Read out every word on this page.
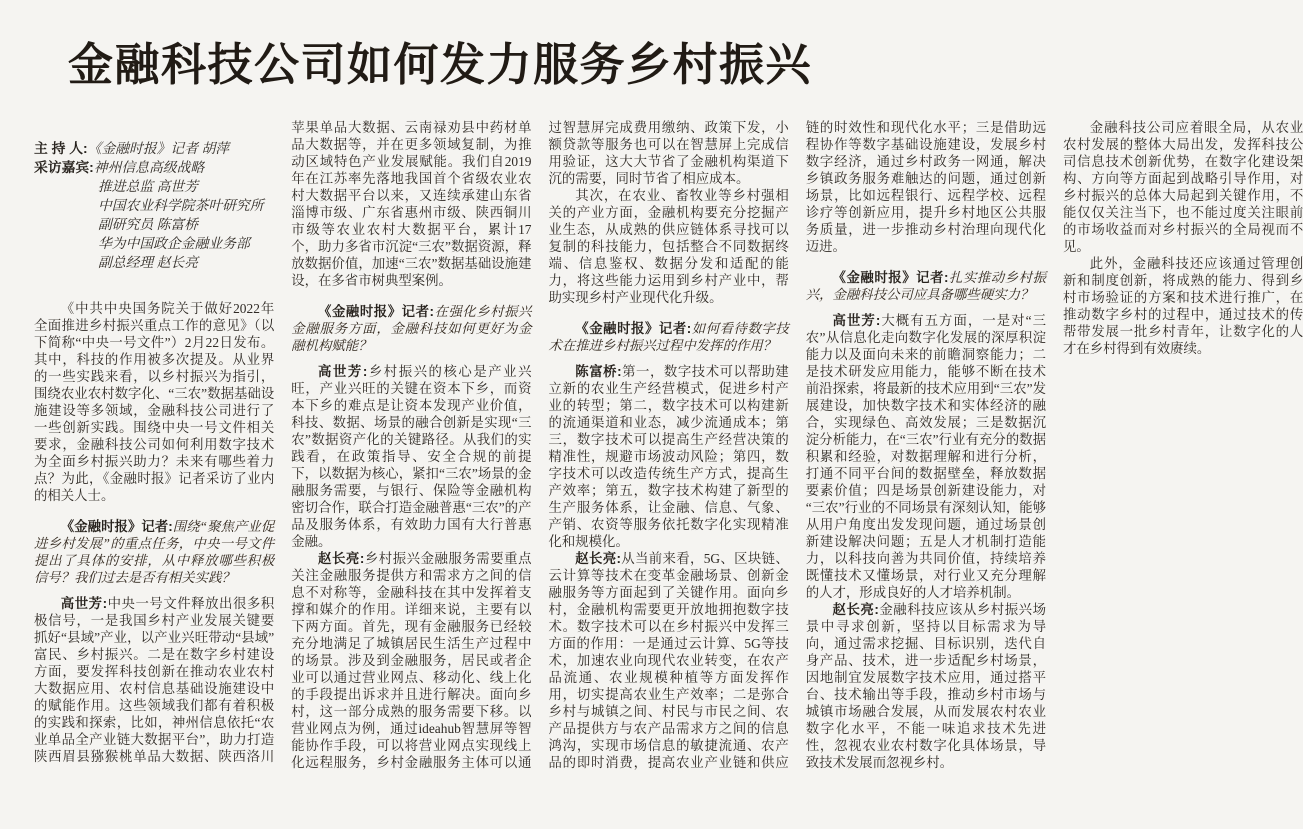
金融科技公司如何发力服务乡村振兴
主 持 人: 《金融时报》记者 胡萍
采访嘉宾: 神州信息高级战略
推进总监 高世芳
中国农业科学院茶叶研究所
副研究员 陈富桥
华为中国政企金融业务部
副总经理 赵长亮

《中共中央国务院关于做好2022年全面推进乡村振兴重点工作的意见》（以下简称“中央一号文件”）2月22日发布。其中，科技的作用被多次提及。从业界的一些实践来看，以乡村振兴为指引，围绕农业农村数字化、“三农”数据基础设施建设等多领域，金融科技公司进行了一些创新实践。围绕中央一号文件相关要求，金融科技公司如何利用数字技术为全面乡村振兴助力？未来有哪些着力点？为此，《金融时报》记者采访了业内的相关人士。

《金融时报》记者:围绕“聚焦产业促进乡村发展”的重点任务，中央一号文件提出了具体的安排，从中释放哪些积极信号？我们过去是否有相关实践？

高世芳:中央一号文件释放出很多积极信号，一是我国乡村产业发展关键要抓好“县域”产业，以产业兴旺带动“县域”富民、乡村振兴。二是在数字乡村建设方面，要发挥科技创新在推动农业农村大数据应用、农村信息基础设施建设中的赋能作用。这些领域我们都有着积极的实践和探索，比如，神州信息依托“农业单品全产业链大数据平台”，助力打造陕西眉县猕猴桃单品大数据、陕西洛川苹果单品大数据、云南禄劝县中药材单品大数据等，并在更多领域复制，为推动区域特色产业发展赋能。我们自2019年在江苏率先落地我国首个省级农业农村大数据平台以来，又连续承建山东省淄博市级、广东省惠州市级、陕西铜川市级等农业农村大数据平台，累计17个，助力多省市沉淀“三农”数据资源，释放数据价值，加速“三农”数据基础设施建设，在多省市树典型案例。

《金融时报》记者:在强化乡村振兴金融服务方面，金融科技如何更好为金融机构赋能？

高世芳:乡村振兴的核心是产业兴旺，产业兴旺的关键在资本下乡，而资本下乡的难点是让资本发现产业价值，科技、数据、场景的融合创新是实现“三农”数据资产化的关键路径。从我们的实践看，在政策指导、安全合规的前提下，以数据为核心，紧扣“三农”场景的金融服务需要，与银行、保险等金融机构密切合作，联合打造金融普惠“三农”的产品及服务体系，有效助力国有大行普惠金融。

赵长亮:乡村振兴金融服务需要重点关注金融服务提供方和需求方之间的信息不对称等，金融科技在其中发挥着支撑和媒介的作用。详细来说，主要有以下两方面。首先，现有金融服务已经较充分地满足了城镇居民生活生产过程中的场景。涉及到金融服务，居民或者企业可以通过营业网点、移动化、线上化的手段提出诉求并且进行解决。面向乡村，这一部分成熟的服务需要下移。以营业网点为例，通过ideahub智慧屏等智能协作手段，可以将营业网点实现线上化远程服务，乡村金融服务主体可以通过智慧屏完成费用缴纳、政策下发，小额贷款等服务也可以在智慧屏上完成信用验证，这大大节省了金融机构渠道下沉的需要，同时节省了相应成本。

其次，在农业、畜牧业等乡村强相关的产业方面，金融机构要充分挖掘产业生态，从成熟的供应链体系寻找可以复制的科技能力，包括整合不同数据终端、信息鉴权、数据分发和适配的能力，将这些能力运用到乡村产业中，帮助实现乡村产业现代化升级。

《金融时报》记者:如何看待数字技术在推进乡村振兴过程中发挥的作用？

陈富桥:第一，数字技术可以帮助建立新的农业生产经营模式，促进乡村产业的转型；第二，数字技术可以构建新的流通渠道和业态，减少流通成本；第三，数字技术可以提高生产经营决策的精准性，规避市场波动风险；第四，数字技术可以改造传统生产方式，提高生产效率；第五，数字技术构建了新型的生产服务体系，让金融、信息、气象、产销、农资等服务依托数字化实现精准化和规模化。

赵长亮:从当前来看，5G、区块链、云计算等技术在变革金融场景、创新金融服务等方面起到了关键作用。面向乡村，金融机构需要更开放地拥抱数字技术。数字技术可以在乡村振兴中发挥三方面的作用：一是通过云计算、5G等技术，加速农业向现代农业转变，在农产品流通、农业规模种植等方面发挥作用，切实提高农业生产效率；二是弥合乡村与城镇之间、村民与市民之间、农产品提供方与农产品需求方之间的信息鸿沟，实现市场信息的敏捷流通、农产品的即时消费，提高农业产业链和供应链的时效性和现代化水平；三是借助远程协作等数字基础设施建设，发展乡村数字经济，通过乡村政务一网通，解决乡镇政务服务难触达的问题，通过创新场景，比如远程银行、远程学校、远程诊疗等创新应用，提升乡村地区公共服务质量，进一步推动乡村治理向现代化迈进。

《金融时报》记者:扎实推动乡村振兴，金融科技公司应具备哪些硬实力？

高世芳:大概有五方面，一是对“三农”从信息化走向数字化发展的深厚积淀能力以及面向未来的前瞻洞察能力；二是技术研发应用能力，能够不断在技术前沿探索，将最新的技术应用到“三农”发展建设，加快数字技术和实体经济的融合，实现绿色、高效发展；三是数据沉淀分析能力，在“三农”行业有充分的数据积累和经验，对数据理解和进行分析，打通不同平台间的数据壁垒，释放数据要素价值；四是场景创新建设能力，对“三农”行业的不同场景有深刻认知，能够从用户角度出发发现问题，通过场景创新建设解决问题；五是人才机制打造能力，以科技向善为共同价值，持续培养既懂技术又懂场景，对行业又充分理解的人才，形成良好的人才培养机制。

赵长亮:金融科技应该从乡村振兴场景中寻求创新，坚持以目标需求为导向，通过需求挖掘、目标识别，迭代自身产品、技术，进一步适配乡村场景，因地制宜发展数字技术应用，通过搭平台、技术输出等手段，推动乡村市场与城镇市场融合发展，从而发展农村农业数字化水平，不能一味追求技术先进性，忽视农业农村数字化具体场景，导致技术发展而忽视乡村。

金融科技公司应着眼全局，从农业农村发展的整体大局出发，发挥科技公司信息技术创新优势，在数字化建设架构、方向等方面起到战略引导作用，对乡村振兴的总体大局起到关键作用，不能仅仅关注当下，也不能过度关注眼前的市场收益而对乡村振兴的全局视而不见。

此外，金融科技还应该通过管理创新和制度创新，将成熟的能力、得到乡村市场验证的方案和技术进行推广，在推动数字乡村的过程中，通过技术的传帮带发展一批乡村青年，让数字化的人才在乡村得到有效赓续。
